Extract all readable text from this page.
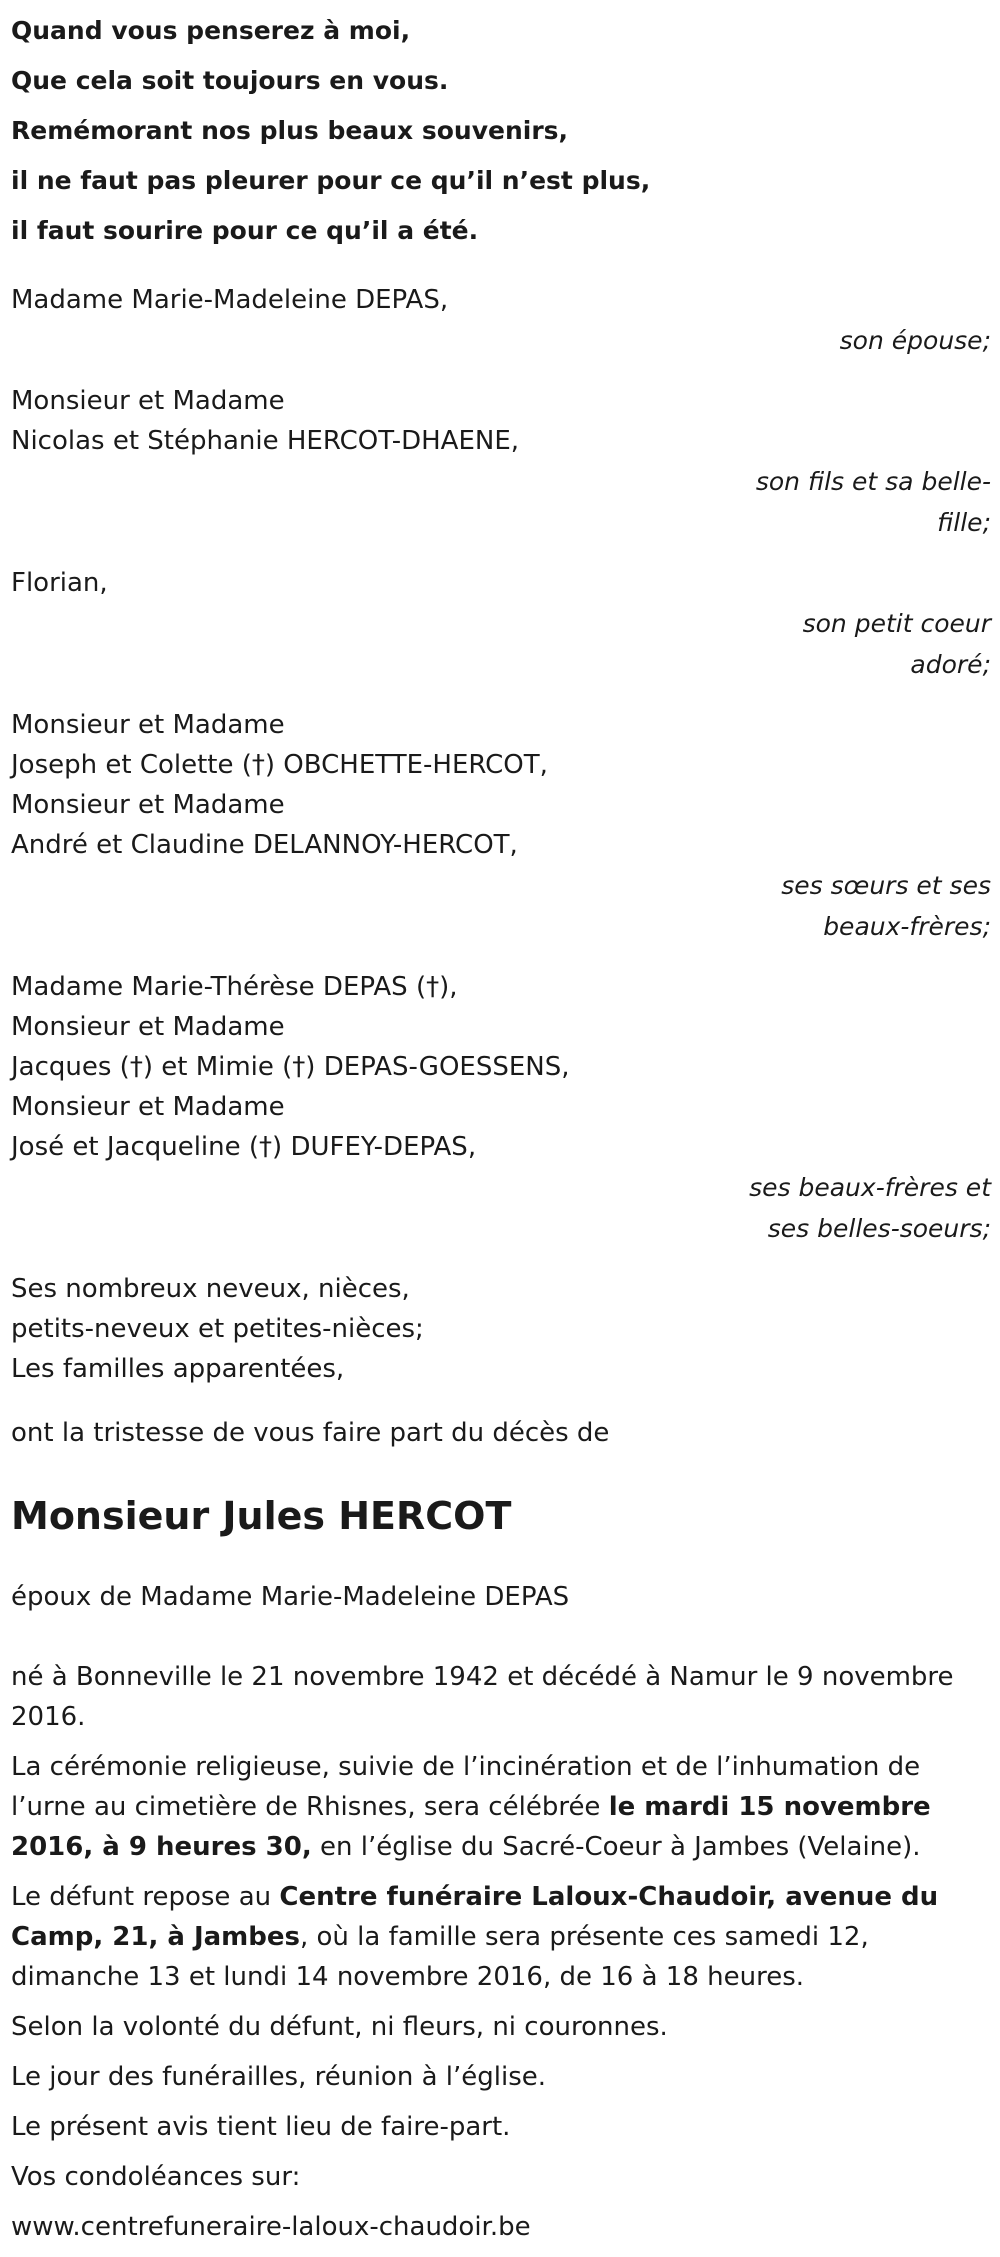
Quand vous penserez à moi,

Que cela soit toujours en vous.

Remémorant nos plus beaux souvenirs,

il ne faut pas pleurer pour ce qu’il n’est plus,

il faut sourire pour ce qu’il a été.

Madame Marie-Madeleine DEPAS,

son épouse;

Monsieur et Madame

Nicolas et Stéphanie HERCOT-DHAENE,

son fils et sa belle-
fille;

Florian,

son petit coeur
adoré;

Monsieur et Madame

Joseph et Colette (†) OBCHETTE-HERCOT,

Monsieur et Madame

André et Claudine DELANNOY-HERCOT,

ses sœurs et ses
beaux-frères;

Madame Marie-Thérèse DEPAS (†),

Monsieur et Madame

Jacques (†) et Mimie (†) DEPAS-GOESSENS,

Monsieur et Madame

José et Jacqueline (†) DUFEY-DEPAS,

ses beaux-frères et
ses belles-soeurs;

Ses nombreux neveux, nièces,

petits-neveux et petites-nièces;

Les familles apparentées,

ont la tristesse de vous faire part du décès de

Monsieur Jules HERCOT

époux de Madame Marie-Madeleine DEPAS

né à Bonneville le 21 novembre 1942 et décédé à Namur le 9 novembre 2016.

La cérémonie religieuse, suivie de l’incinération et de l’inhumation de l’urne au cimetière de Rhisnes, sera célébrée le mardi 15 novembre 2016, à 9 heures 30, en l’église du Sacré-Coeur à Jambes (Velaine).

Le défunt repose au Centre funéraire Laloux-Chaudoir, avenue du Camp, 21, à Jambes, où la famille sera présente ces samedi 12, dimanche 13 et lundi 14 novembre 2016, de 16 à 18 heures.

Selon la volonté du défunt, ni fleurs, ni couronnes.

Le jour des funérailles, réunion à l’église.

Le présent avis tient lieu de faire-part.

Vos condoléances sur:

www.centrefuneraire-laloux-chaudoir.be
